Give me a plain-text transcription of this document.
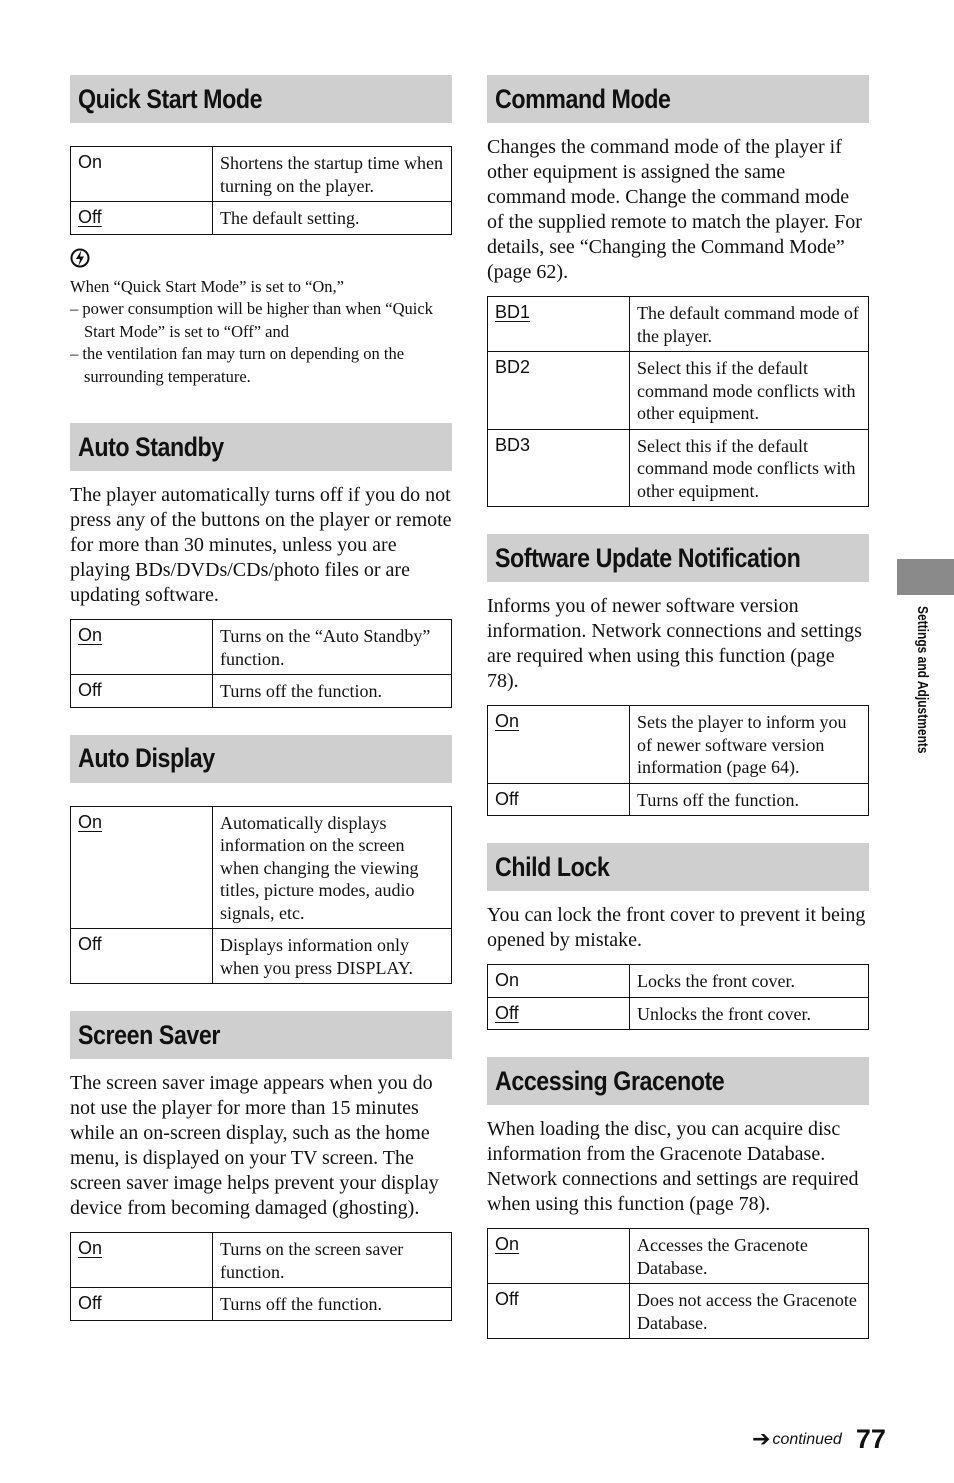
Quick Start Mode
On	Shortens the startup time when turning on the player.
Off	The default setting.
When “Quick Start Mode” is set to “On,”
– power consumption will be higher than when “Quick Start Mode” is set to “Off” and
– the ventilation fan may turn on depending on the surrounding temperature.
Auto Standby

The player automatically turns off if you do not press any of the buttons on the player or remote for more than 30 minutes, unless you are playing BDs/DVDs/CDs/photo files or are updating software.

On	Turns on the “Auto Standby” function.
Off	Turns off the function.
Auto Display
On	Automatically displays information on the screen when changing the viewing titles, picture modes, audio signals, etc.
Off	Displays information only when you press DISPLAY.
Screen Saver

The screen saver image appears when you do not use the player for more than 15 minutes while an on-screen display, such as the home menu, is displayed on your TV screen. The screen saver image helps prevent your display device from becoming damaged (ghosting).

On	Turns on the screen saver function.
Off	Turns off the function.
Command Mode

Changes the command mode of the player if other equipment is assigned the same command mode. Change the command mode of the supplied remote to match the player. For details, see “Changing the Command Mode” (page 62).

BD1	The default command mode of the player.
BD2	Select this if the default command mode conflicts with other equipment.
BD3	Select this if the default command mode conflicts with other equipment.
Software Update Notification

Informs you of newer software version information. Network connections and settings are required when using this function (page 78).

On	Sets the player to inform you of newer software version information (page 64).
Off	Turns off the function.
Child Lock

You can lock the front cover to prevent it being opened by mistake.

On	Locks the front cover.
Off	Unlocks the front cover.
Accessing Gracenote

When loading the disc, you can acquire disc information from the Gracenote Database. Network connections and settings are required when using this function (page 78).

On	Accesses the Gracenote Database.
Off	Does not access the Gracenote Database.
Settings and Adjustments
➔ continued 77
